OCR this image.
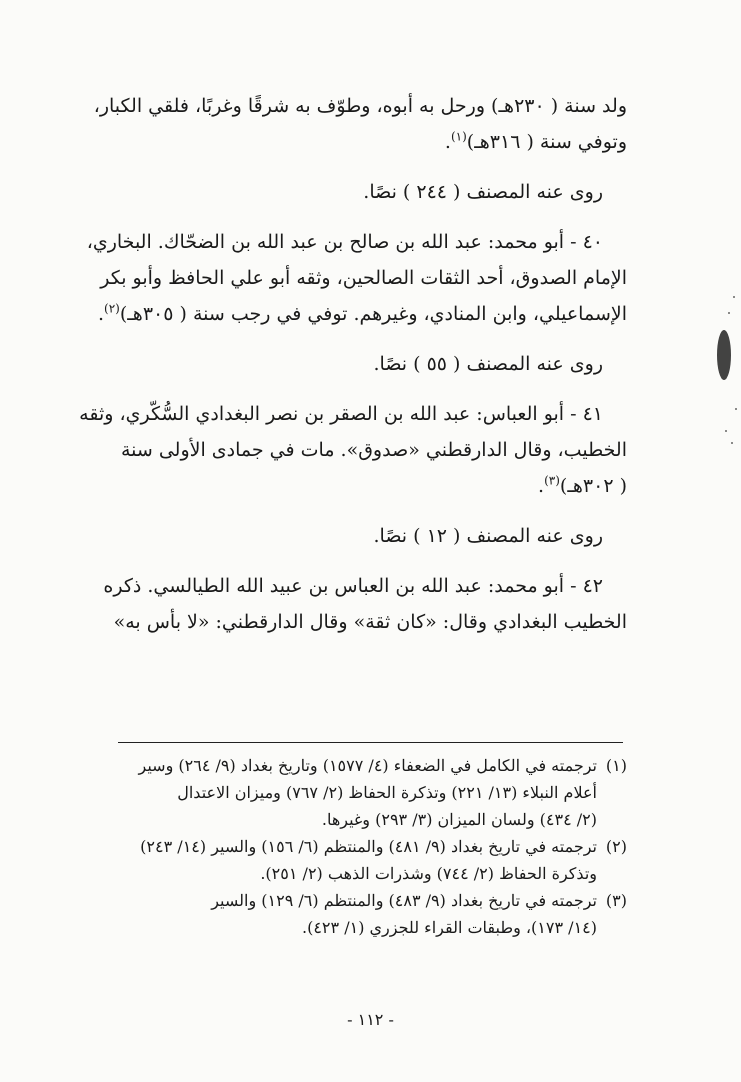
ولد سنة ( ٢٣٠هـ) ورحل به أبوه، وطوّف به شرقًا وغربًا، فلقي الكبار،
وتوفي سنة ( ٣١٦هـ)$^{(١)}$.

روى عنه المصنف ( ٢٤٤ ) نصًا.

٤٠ - أبو محمد: عبد الله بن صالح بن عبد الله بن الضحّاك. البخاري،
الإمام الصدوق، أحد الثقات الصالحين، وثقه أبو علي الحافظ وأبو بكر
الإسماعيلي، وابن المنادي، وغيرهم. توفي في رجب سنة ( ٣٠٥هـ)$^{(٢)}$.

روى عنه المصنف ( ٥٥ ) نصًا.

٤١ - أبو العباس: عبد الله بن الصقر بن نصر البغدادي السُّكّري، وثقه
الخطيب، وقال الدارقطني «صدوق». مات في جمادى الأولى سنة
( ٣٠٢هـ)$^{(٣)}$.

روى عنه المصنف ( ١٢ ) نصًا.

٤٢ - أبو محمد: عبد الله بن العباس بن عبيد الله الطيالسي. ذكره
الخطيب البغدادي وقال: «كان ثقة» وقال الدارقطني: «لا بأس به»

(١)ترجمته في الكامل في الضعفاء (٤/ ١٥٧٧) وتاريخ بغداد (٩/ ٢٦٤) وسير
أعلام النبلاء (١٣/ ٢٢١) وتذكرة الحفاظ (٢/ ٧٦٧) وميزان الاعتدال
(٢/ ٤٣٤) ولسان الميزان (٣/ ٢٩٣) وغيرها.

(٢)ترجمته في تاريخ بغداد (٩/ ٤٨١) والمنتظم (٦/ ١٥٦) والسير (١٤/ ٢٤٣)
وتذكرة الحفاظ (٢/ ٧٤٤) وشذرات الذهب (٢/ ٢٥١).

(٣)ترجمته في تاريخ بغداد (٩/ ٤٨٣) والمنتظم (٦/ ١٢٩) والسير
(١٤/ ١٧٣)، وطبقات القراء للجزري (١/ ٤٢٣).

- ١١٢ -
